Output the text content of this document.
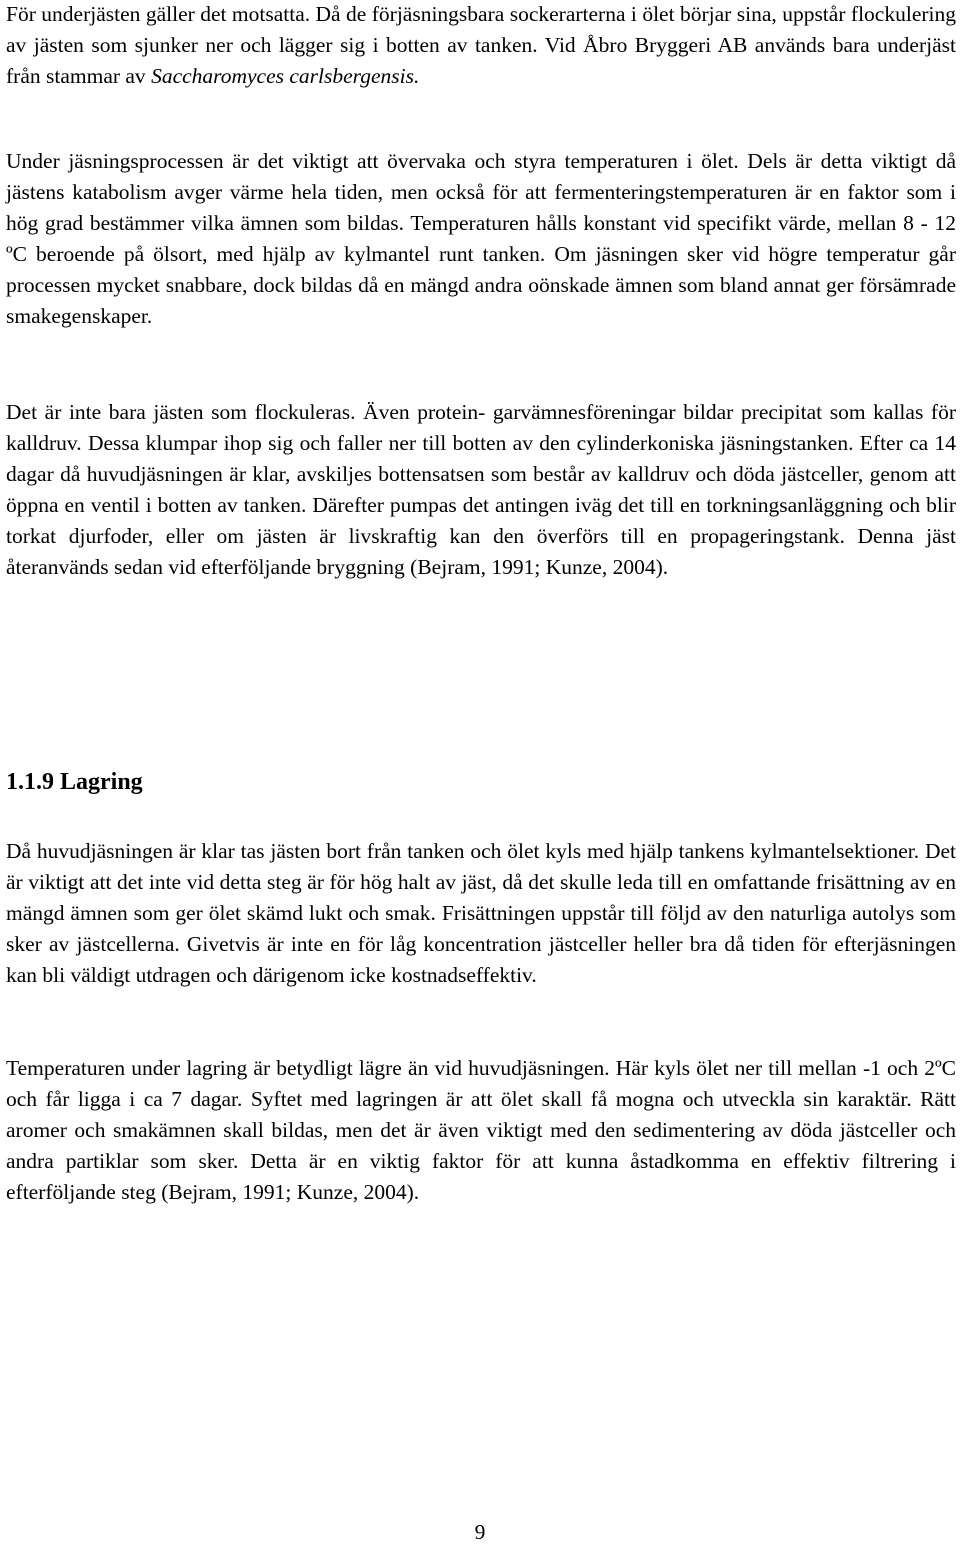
För underjästen gäller det motsatta. Då de förjäsningsbara sockerarterna i ölet börjar sina, uppstår flockulering av jästen som sjunker ner och lägger sig i botten av tanken. Vid Åbro Bryggeri AB används bara underjäst från stammar av Saccharomyces carlsbergensis.

Under jäsningsprocessen är det viktigt att övervaka och styra temperaturen i ölet. Dels är detta viktigt då jästens katabolism avger värme hela tiden, men också för att fermenteringstemperaturen är en faktor som i hög grad bestämmer vilka ämnen som bildas. Temperaturen hålls konstant vid specifikt värde, mellan 8 - 12 ºC beroende på ölsort, med hjälp av kylmantel runt tanken. Om jäsningen sker vid högre temperatur går processen mycket snabbare, dock bildas då en mängd andra oönskade ämnen som bland annat ger försämrade smakegenskaper.

Det är inte bara jästen som flockuleras. Även protein- garvämnesföreningar bildar precipitat som kallas för kalldruv. Dessa klumpar ihop sig och faller ner till botten av den cylinderkoniska jäsningstanken. Efter ca 14 dagar då huvudjäsningen är klar, avskiljes bottensatsen som består av kalldruv och döda jästceller, genom att öppna en ventil i botten av tanken. Därefter pumpas det antingen iväg det till en torkningsanläggning och blir torkat djurfoder, eller om jästen är livskraftig kan den överförs till en propageringstank. Denna jäst återanvänds sedan vid efterföljande bryggning (Bejram, 1991; Kunze, 2004).

1.1.9 Lagring

Då huvudjäsningen är klar tas jästen bort från tanken och ölet kyls med hjälp tankens kylmantelsektioner. Det är viktigt att det inte vid detta steg är för hög halt av jäst, då det skulle leda till en omfattande frisättning av en mängd ämnen som ger ölet skämd lukt och smak. Frisättningen uppstår till följd av den naturliga autolys som sker av jästcellerna. Givetvis är inte en för låg koncentration jästceller heller bra då tiden för efterjäsningen kan bli väldigt utdragen och därigenom icke kostnadseffektiv.

Temperaturen under lagring är betydligt lägre än vid huvudjäsningen. Här kyls ölet ner till mellan -1 och 2ºC och får ligga i ca 7 dagar. Syftet med lagringen är att ölet skall få mogna och utveckla sin karaktär. Rätt aromer och smakämnen skall bildas, men det är även viktigt med den sedimentering av döda jästceller och andra partiklar som sker. Detta är en viktig faktor för att kunna åstadkomma en effektiv filtrering i efterföljande steg (Bejram, 1991; Kunze, 2004).

9
